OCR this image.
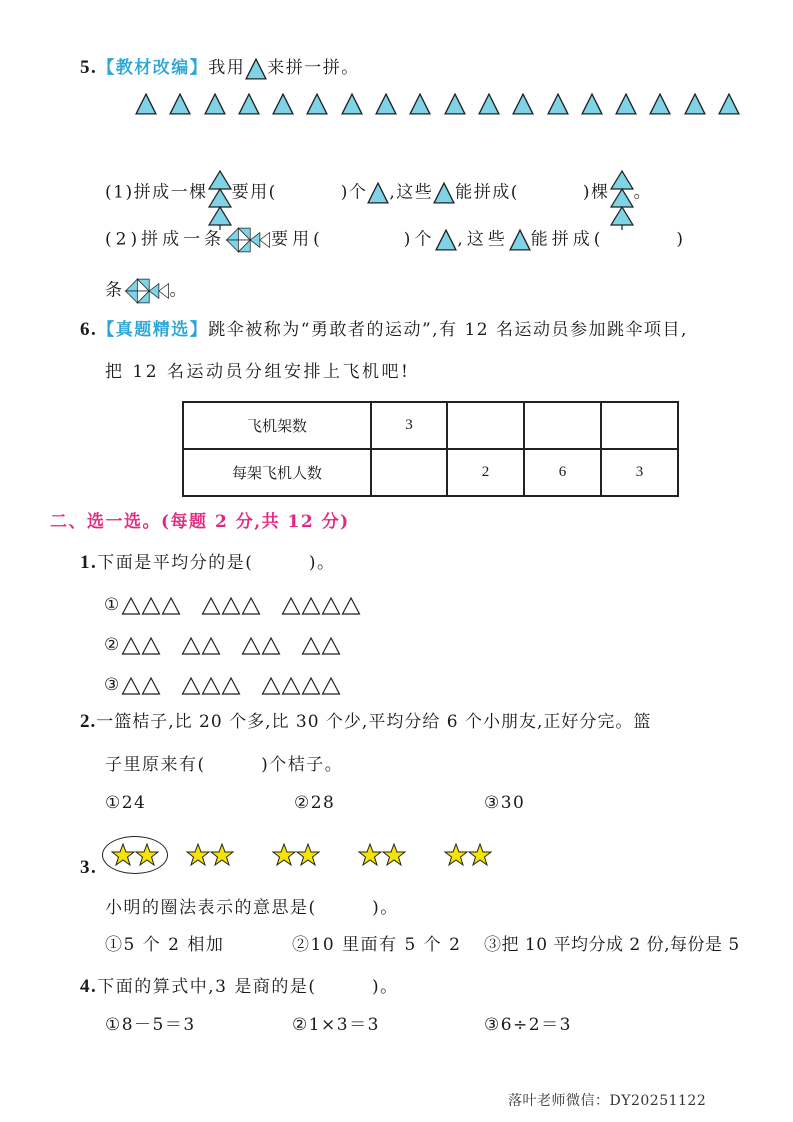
5.【教材改编】我用 来拼一拼。
(1)拼成一棵 要用(	)个 ,这些 能拼成(	)棵 。
(2)拼成一条	要用(	)个 ,这些 能拼成(	)
条	。
6.【真题精选】跳伞被称为“勇敢者的运动”,有 12 名运动员参加跳伞项目,
把 12 名运动员分组安排上飞机吧!
飞机架数	3			
每架飞机人数		2	6	3
二、选一选。(每题 2 分,共 12 分)
1.下面是平均分的是(　　　)。
①
②
③
2.一篮桔子,比 20 个多,比 30 个少,平均分给 6 个小朋友,正好分完。篮
子里原来有(　　　)个桔子。
①24	②28	③30
3.
小明的圈法表示的意思是(　　　)。
①5 个 2 相加	②10 里面有 5 个 2 ③把 10 平均分成 2 份,每份是 5
4.下面的算式中,3 是商的是(　　　)。
①8－5＝3	②1×3＝3	③6÷2＝3
落叶老师微信：DY20251122
